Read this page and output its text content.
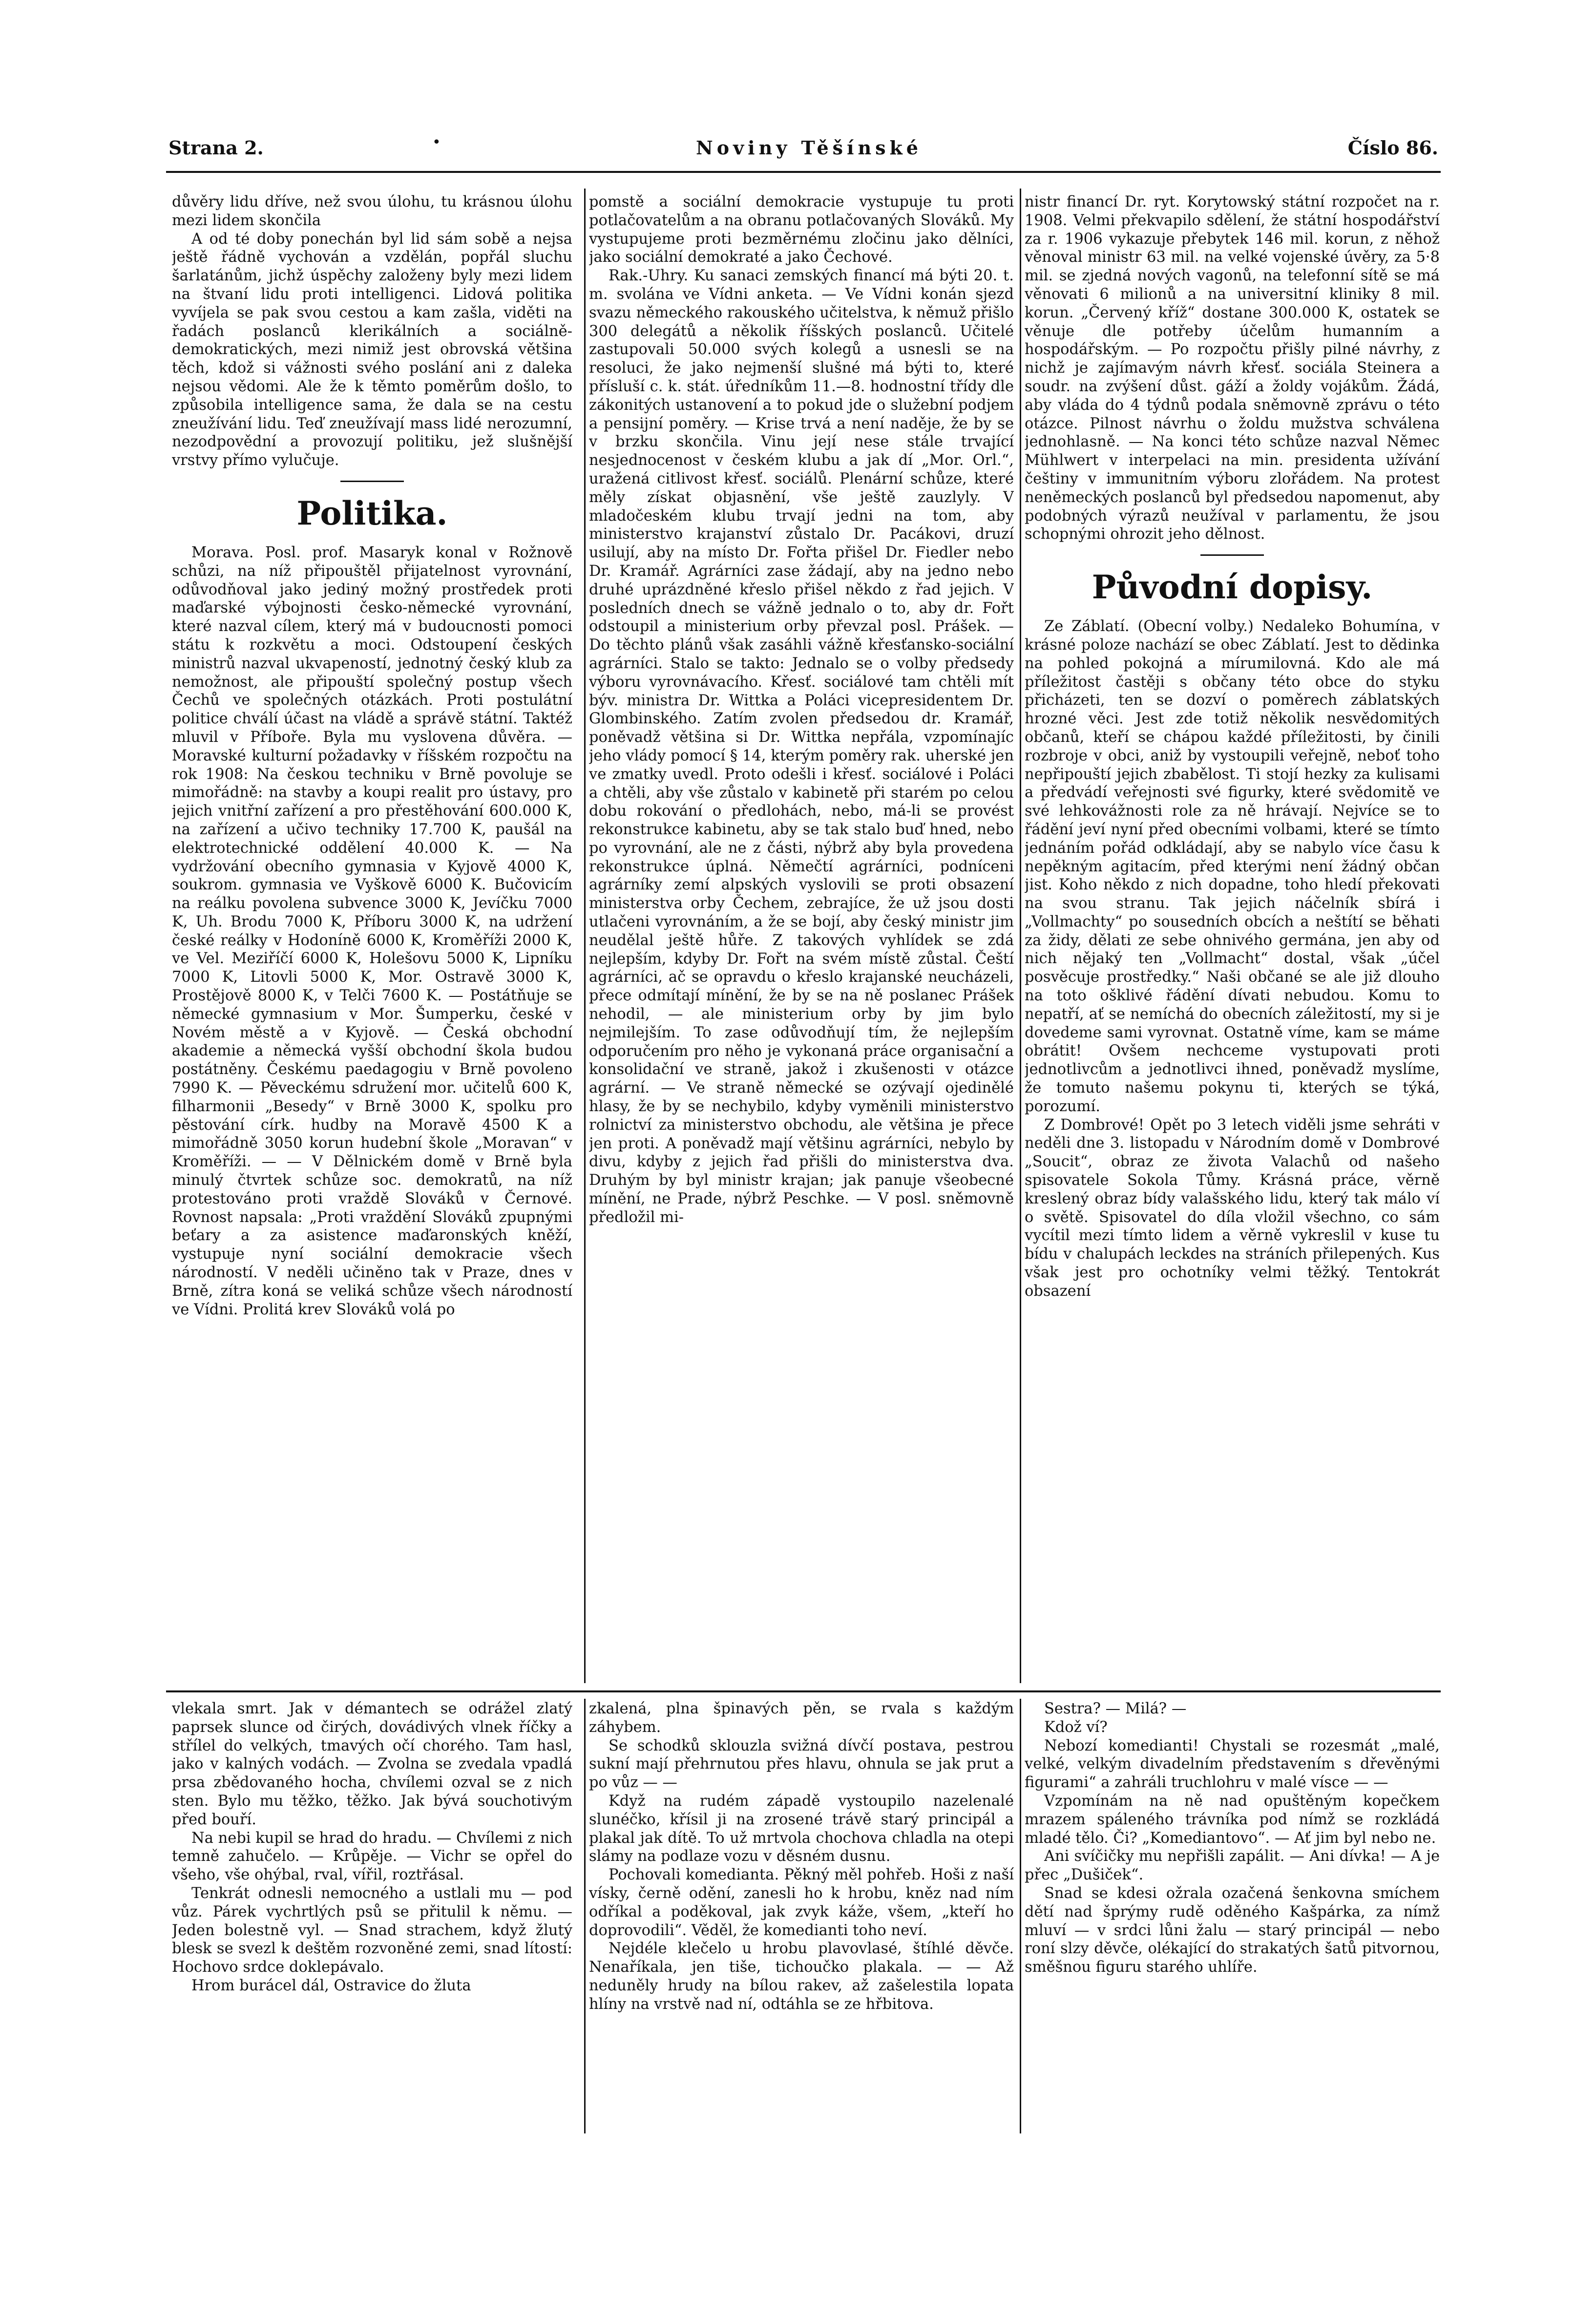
Strana 2.	•	Noviny Těšínské	Číslo 86.

důvěry lidu dříve, než svou úlohu, tu krásnou úlohu mezi lidem skončila

A od té doby ponechán byl lid sám sobě a nejsa ještě řádně vychován a vzdělán, popřál sluchu šarlatánům, jichž úspěchy založeny byly mezi lidem na štvaní lidu proti intelligenci. Lidová politika vyvíjela se pak svou cestou a kam zašla, viděti na řadách poslanců klerikálních a sociálně-demokratických, mezi nimiž jest obrovská většina těch, kdož si vážnosti svého poslání ani z daleka nejsou vědomi. Ale že k těmto poměrům došlo, to způsobila intelligence sama, že dala se na cestu zneužívání lidu. Teď zneužívají mass lidé nerozumní, nezodpovědní a provozují politiku, jež slušnější vrstvy přímo vylučuje.

Politika.

Morava. Posl. prof. Masaryk konal v Rožnově schůzi, na níž připouštěl přijatelnost vyrovnání, odůvodňoval jako jediný možný prostředek proti maďarské výbojnosti česko-německé vyrovnání, které nazval cílem, který má v budoucnosti pomoci státu k rozkvětu a moci. Odstoupení českých ministrů nazval ukvapeností, jednotný český klub za nemožnost, ale připouští společný postup všech Čechů ve společných otázkách. Proti postulátní politice chválí účast na vládě a správě státní. Taktéž mluvil v Příboře. Byla mu vyslovena důvěra. — Moravské kulturní požadavky v říšském rozpočtu na rok 1908: Na českou techniku v Brně povoluje se mimořádně: na stavby a koupi realit pro ústavy, pro jejich vnitřní zařízení a pro přestěhování 600.000 K, na zařízení a učivo techniky 17.700 K, paušál na elektrotechnické oddělení 40.000 K. — Na vydržování obecního gymnasia v Kyjově 4000 K, soukrom. gymnasia ve Vyškově 6000 K. Bučovicím na reálku povolena subvence 3000 K, Jevíčku 7000 K, Uh. Brodu 7000 K, Příboru 3000 K, na udržení české reálky v Hodoníně 6000 K, Kroměříži 2000 K, ve Vel. Meziříčí 6000 K, Holešovu 5000 K, Lipníku 7000 K, Litovli 5000 K, Mor. Ostravě 3000 K, Prostějově 8000 K, v Telči 7600 K. — Postátňuje se německé gymnasium v Mor. Šumperku, české v Novém městě a v Kyjově. — Česká obchodní akademie a německá vyšší obchodní škola budou postátněny. Českému paedagogiu v Brně povoleno 7990 K. — Pěveckému sdružení mor. učitelů 600 K, filharmonii „Besedy“ v Brně 3000 K, spolku pro pěstování círk. hudby na Moravě 4500 K a mimořádně 3050 korun hudební škole „Moravan“ v Kroměříži. — — V Dělnickém domě v Brně byla minulý čtvrtek schůze soc. demokratů, na níž protestováno proti vraždě Slováků v Černové. Rovnost napsala: „Proti vraždění Slováků zpupnými beťary a za asistence maďaronských kněží, vystupuje nyní sociální demokracie všech národností. V neděli učiněno tak v Praze, dnes v Brně, zítra koná se veliká schůze všech národností ve Vídni. Prolitá krev Slováků volá po

pomstě a sociální demokracie vystupuje tu proti potlačovatelům a na obranu potlačovaných Slováků. My vystupujeme proti bezměrnému zločinu jako dělníci, jako sociální demokraté a jako Čechové.

Rak.-Uhry. Ku sanaci zemských financí má býti 20. t. m. svolána ve Vídni anketa. — Ve Vídni konán sjezd svazu německého rakouského učitelstva, k němuž přišlo 300 delegátů a několik říšských poslanců. Učitelé zastupovali 50.000 svých kolegů a usnesli se na resoluci, že jako nejmenší slušné má býti to, které přísluší c. k. stát. úředníkům 11.—8. hodnostní třídy dle zákonitých ustanovení a to pokud jde o služební podjem a pensijní poměry. — Krise trvá a není naděje, že by se v brzku skončila. Vinu její nese stále trvající nesjednocenost v českém klubu a jak dí „Mor. Orl.“, uražená citlivost křesť. sociálů. Plenární schůze, které měly získat objasnění, vše ještě zauzlyly. V mladočeském klubu trvají jedni na tom, aby ministerstvo krajanství zůstalo Dr. Pacákovi, druzí usilují, aby na místo Dr. Fořta přišel Dr. Fiedler nebo Dr. Kramář. Agrárníci zase žádají, aby na jedno nebo druhé uprázdněné křeslo přišel někdo z řad jejich. V posledních dnech se vážně jednalo o to, aby dr. Fořt odstoupil a ministerium orby převzal posl. Prášek. — Do těchto plánů však zasáhli vážně křesťansko-sociální agrárníci. Stalo se takto: Jednalo se o volby předsedy výboru vyrovnávacího. Křesť. sociálové tam chtěli mít býv. ministra Dr. Wittka a Poláci vicepresidentem Dr. Glombinského. Zatím zvolen předsedou dr. Kramář, poněvadž většina si Dr. Wittka nepřála, vzpomínajíc jeho vlády pomocí § 14, kterým poměry rak. uherské jen ve zmatky uvedl. Proto odešli i křesť. sociálové i Poláci a chtěli, aby vše zůstalo v kabinetě při starém po celou dobu rokování o předlohách, nebo, má-li se provést rekonstrukce kabinetu, aby se tak stalo buď hned, nebo po vyrovnání, ale ne z části, nýbrž aby byla provedena rekonstrukce úplná. Němečtí agrárníci, podníceni agrárníky zemí alpských vyslovili se proti obsazení ministerstva orby Čechem, zebrajíce, že už jsou dosti utlačeni vyrovnáním, a že se bojí, aby český ministr jim neudělal ještě hůře. Z takových vyhlídek se zdá nejlepším, kdyby Dr. Fořt na svém místě zůstal. Čeští agrárníci, ač se opravdu o křeslo krajanské neucházeli, přece odmítají mínění, že by se na ně poslanec Prášek nehodil, — ale ministerium orby by jim bylo nejmilejším. To zase odůvodňují tím, že nejlepším odporučením pro něho je vykonaná práce organisační a konsolidační ve straně, jakož i zkušenosti v otázce agrární. — Ve straně německé se ozývají ojedinělé hlasy, že by se nechybilo, kdyby vyměnili ministerstvo rolnictví za ministerstvo obchodu, ale většina je přece jen proti. A poněvadž mají většinu agrárníci, nebylo by divu, kdyby z jejich řad přišli do ministerstva dva. Druhým by byl ministr krajan; jak panuje všeobecné mínění, ne Prade, nýbrž Peschke. — V posl. sněmovně předložil mi-

nistr financí Dr. ryt. Korytowský státní rozpočet na r. 1908. Velmi překvapilo sdělení, že státní hospodářství za r. 1906 vykazuje přebytek 146 mil. korun, z něhož věnoval ministr 63 mil. na velké vojenské úvěry, za 5·8 mil. se zjedná nových vagonů, na telefonní sítě se má věnovati 6 milionů a na universitní kliniky 8 mil. korun. „Červený kříž“ dostane 300.000 K, ostatek se věnuje dle potřeby účelům humanním a hospodářským. — Po rozpočtu přišly pilné návrhy, z nichž je zajímavým návrh křesť. sociála Steinera a soudr. na zvýšení důst. gáží a žoldy vojákům. Žádá, aby vláda do 4 týdnů podala sněmovně zprávu o této otázce. Pilnost návrhu o žoldu mužstva schválena jednohlasně. — Na konci této schůze nazval Němec Mühlwert v interpelaci na min. presidenta užívání češtiny v immunitním výboru zlořádem. Na protest neněmeckých poslanců byl předsedou napomenut, aby podobných výrazů neužíval v parlamentu, že jsou schopnými ohrozit jeho dělnost.

Původní dopisy.

Ze Záblatí. (Obecní volby.) Nedaleko Bohumína, v krásné poloze nachází se obec Záblatí. Jest to dědinka na pohled pokojná a mírumilovná. Kdo ale má příležitost častěji s občany této obce do styku přicházeti, ten se dozví o poměrech záblatských hrozné věci. Jest zde totiž několik nesvědomitých občanů, kteří se chápou každé příležitosti, by činili rozbroje v obci, aniž by vystoupili veřejně, neboť toho nepřipouští jejich zbabělost. Ti stojí hezky za kulisami a předvádí veřejnosti své figurky, které svědomitě ve své lehkovážnosti role za ně hrávají. Nejvíce se to řádění jeví nyní před obecními volbami, které se tímto jednáním pořád odkládají, aby se nabylo více času k nepěkným agitacím, před kterými není žádný občan jist. Koho někdo z nich dopadne, toho hledí překovati na svou stranu. Tak jejich náčelník sbírá i „Vollmachty“ po sousedních obcích a neštítí se běhati za židy, dělati ze sebe ohnivého germána, jen aby od nich nějaký ten „Vollmacht“ dostal, však „účel posvěcuje prostředky.“ Naši občané se ale již dlouho na toto ošklivé řádění dívati nebudou. Komu to nepatří, ať se nemíchá do obecních záležitostí, my si je dovedeme sami vyrovnat. Ostatně víme, kam se máme obrátit! Ovšem nechceme vystupovati proti jednotlivcům a jednotlivci ihned, poněvadž myslíme, že tomuto našemu pokynu ti, kterých se týká, porozumí.

Z Dombrové! Opět po 3 letech viděli jsme sehráti v neděli dne 3. listopadu v Národním domě v Dombrové „Soucit“, obraz ze života Valachů od našeho spisovatele Sokola Tůmy. Krásná práce, věrně kreslený obraz bídy valašského lidu, který tak málo ví o světě. Spisovatel do díla vložil všechno, co sám vycítil mezi tímto lidem a věrně vykreslil v kuse tu bídu v chalupách leckdes na stráních přilepených. Kus však jest pro ochotníky velmi těžký. Tentokrát obsazení

vlekala smrt. Jak v démantech se odrážel zlatý paprsek slunce od čirých, dovádivých vlnek říčky a střílel do velkých, tmavých očí chorého. Tam hasl, jako v kalných vodách. — Zvolna se zvedala vpadlá prsa zbědovaného hocha, chvílemi ozval se z nich sten. Bylo mu těžko, těžko. Jak bývá souchotivým před bouří.

Na nebi kupil se hrad do hradu. — Chvílemi z nich temně zahučelo. — Krůpěje. — Vichr se opřel do všeho, vše ohýbal, rval, vířil, roztřásal.

Tenkrát odnesli nemocného a ustlali mu — pod vůz. Párek vychrtlých psů se přitulil k němu. — Jeden bolestně vyl. — Snad strachem, když žlutý blesk se svezl k deštěm rozvoněné zemi, snad lítostí: Hochovo srdce doklepávalo.

Hrom burácel dál, Ostravice do žluta

zkalená, plna špinavých pěn, se rvala s každým záhybem.

Se schodků sklouzla svižná dívčí postava, pestrou sukní mají přehrnutou přes hlavu, ohnula se jak prut a po vůz — —

Když na rudém západě vystoupilo nazelenalé slunéčko, křísil ji na zrosené trávě starý principál a plakal jak dítě. To už mrtvola chochova chladla na otepi slámy na podlaze vozu v děsném dusnu.

Pochovali komedianta. Pěkný měl pohřeb. Hoši z naší vísky, černě odění, zanesli ho k hrobu, kněz nad ním odříkal a poděkoval, jak zvyk káže, všem, „kteří ho doprovodili“. Věděl, že komedianti toho neví.

Nejdéle klečelo u hrobu plavovlasé, štíhlé děvče. Nenaříkala, jen tiše, tichoučko plakala. — — Až neduněly hrudy na bílou rakev, až zašelestila lopata hlíny na vrstvě nad ní, odtáhla se ze hřbitova.

Sestra? — Milá? —

Kdož ví?

Nebozí komedianti! Chystali se rozesmát „malé, velké, velkým divadelním představením s dřevěnými figurami“ a zahráli truchlohru v malé vísce — —

Vzpomínám na ně nad opuštěným kopečkem mrazem spáleného trávníka pod nímž se rozkládá mladé tělo. Či? „Komediantovo“. — Ať jim byl nebo ne.

Ani svíčičky mu nepřišli zapálit. — Ani dívka! — A je přec „Dušiček“.

Snad se kdesi ožrala ozačená šenkovna smíchem dětí nad šprýmy rudě oděného Kašpárka, za nímž mluví — v srdci lůni žalu — starý principál — nebo roní slzy děvče, olékající do strakatých šatů pitvornou, směšnou figuru starého uhlíře.
